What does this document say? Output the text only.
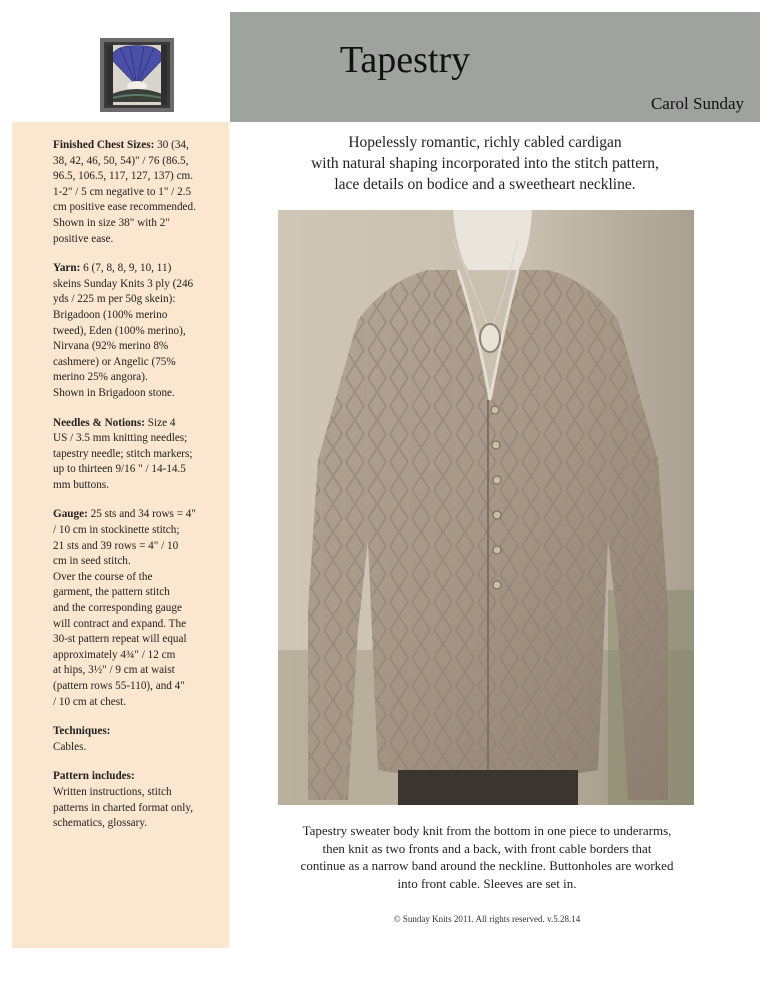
Tapestry
Carol Sunday

Finished Chest Sizes: 30 (34,
38, 42, 46, 50, 54)" / 76 (86.5,
96.5, 106.5, 117, 127, 137) cm.
1-2" / 5 cm negative to 1" / 2.5
cm positive ease recommended.
Shown in size 38" with 2"
positive ease.

Yarn: 6 (7, 8, 8, 9, 10, 11)
skeins Sunday Knits 3 ply (246
yds / 225 m per 50g skein):
Brigadoon (100% merino
tweed), Eden (100% merino),
Nirvana (92% merino 8%
cashmere) or Angelic (75%
merino 25% angora).
Shown in Brigadoon stone.

Needles & Notions: Size 4
US / 3.5 mm knitting needles;
tapestry needle; stitch markers;
up to thirteen 9/16 " / 14-14.5
mm buttons.

Gauge: 25 sts and 34 rows = 4"
/ 10 cm in stockinette stitch;
21 sts and 39 rows = 4" / 10
cm in seed stitch.
Over the course of the
garment, the pattern stitch
and the corresponding gauge
will contract and expand. The
30-st pattern repeat will equal
approximately 4¾" / 12 cm
at hips, 3½" / 9 cm at waist
(pattern rows 55-110), and 4"
/ 10 cm at chest.

Techniques:
Cables.

Pattern includes:
Written instructions, stitch
patterns in charted format only,
schematics, glossary.

Hopelessly romantic, richly cabled cardigan
with natural shaping incorporated into the stitch pattern,
lace details on bodice and a sweetheart neckline.
Tapestry sweater body knit from the bottom in one piece to underarms,
then knit as two fronts and a back, with front cable borders that
continue as a narrow band around the neckline. Buttonholes are worked
into front cable. Sleeves are set in.
© Sunday Knits 2011. All rights reserved. v.5.28.14
